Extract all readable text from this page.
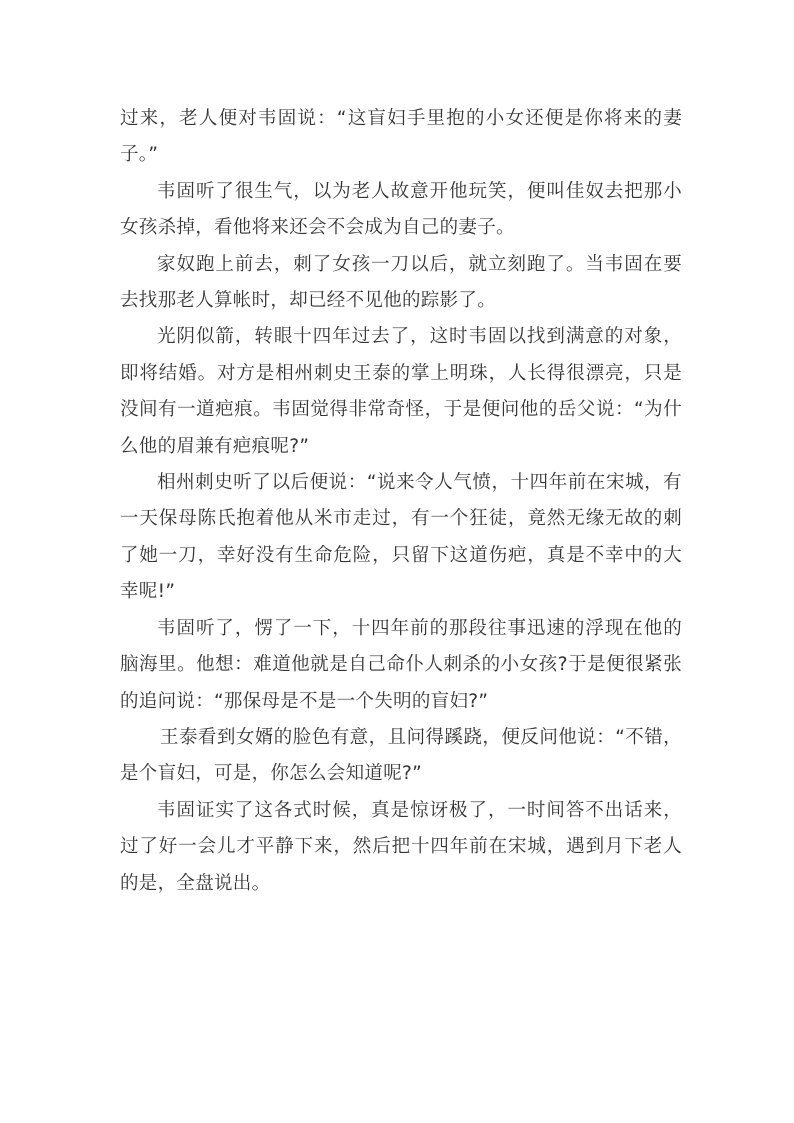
过来，老人便对韦固说：“这盲妇手里抱的小女还便是你将来的妻子。”

韦固听了很生气，以为老人故意开他玩笑，便叫佳奴去把那小女孩杀掉，看他将来还会不会成为自己的妻子。

家奴跑上前去，刺了女孩一刀以后，就立刻跑了。当韦固在要去找那老人算帐时，却已经不见他的踪影了。

光阴似箭，转眼十四年过去了，这时韦固以找到满意的对象，即将结婚。对方是相州刺史王泰的掌上明珠，人长得很漂亮，只是没间有一道疤痕。韦固觉得非常奇怪，于是便问他的岳父说：“为什么他的眉兼有疤痕呢?”

相州刺史听了以后便说：“说来令人气愤，十四年前在宋城，有一天保母陈氏抱着他从米市走过，有一个狂徒，竟然无缘无故的刺了她一刀，幸好没有生命危险，只留下这道伤疤，真是不幸中的大幸呢!”

韦固听了，愣了一下，十四年前的那段往事迅速的浮现在他的脑海里。他想：难道他就是自己命仆人刺杀的小女孩?于是便很紧张的追问说：“那保母是不是一个失明的盲妇?”

王泰看到女婿的脸色有意，且问得蹊跷，便反问他说：“不错，是个盲妇，可是，你怎么会知道呢?”

韦固证实了这各式时候，真是惊讶极了，一时间答不出话来，过了好一会儿才平静下来，然后把十四年前在宋城，遇到月下老人的是，全盘说出。
